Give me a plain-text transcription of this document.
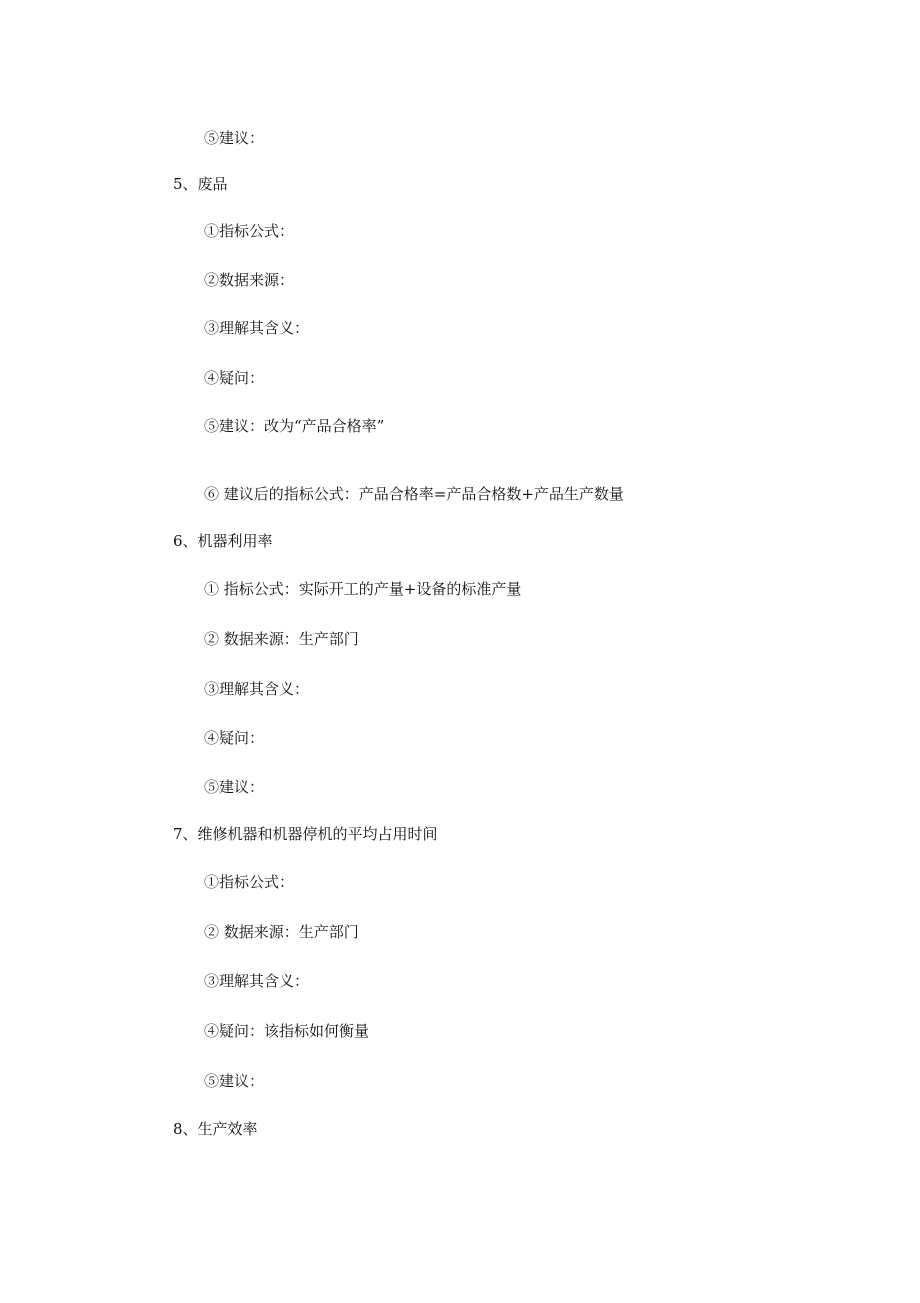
⑤建议：
5、废品
①指标公式：
②数据来源：
③理解其含义：
④疑问：
⑤建议：改为“产品合格率”
⑥ 建议后的指标公式：产品合格率=产品合格数+产品生产数量
6、机器利用率
① 指标公式：实际开工的产量+设备的标准产量
② 数据来源：生产部门
③理解其含义：
④疑问：
⑤建议：
7、维修机器和机器停机的平均占用时间
①指标公式：
② 数据来源：生产部门
③理解其含义：
④疑问：该指标如何衡量
⑤建议：
8、生产效率
